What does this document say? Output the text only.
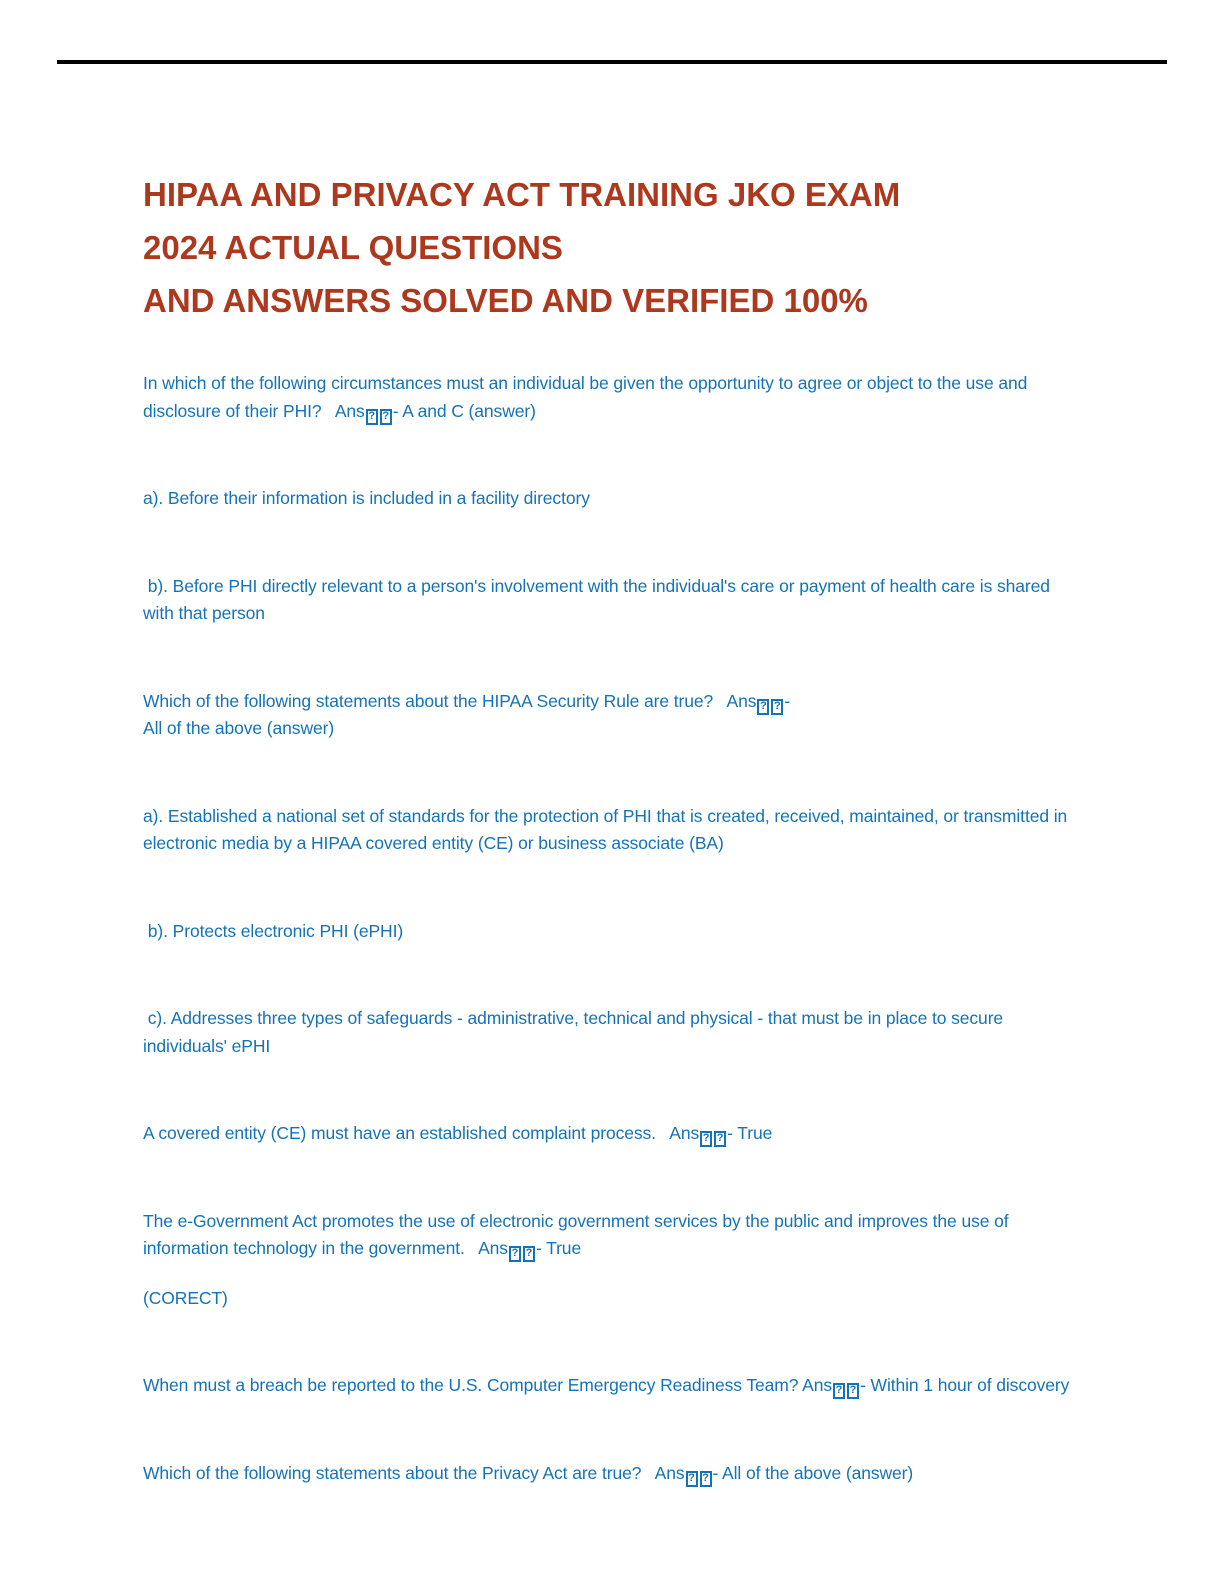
HIPAA AND PRIVACY ACT TRAINING JKO EXAM
2024 ACTUAL QUESTIONS
AND ANSWERS SOLVED AND VERIFIED 100%

In which of the following circumstances must an individual be given the opportunity to agree or object to the use and disclosure of their PHI?   Ans ? ? - A and C (answer)

a). Before their information is included in a facility directory

b). Before PHI directly relevant to a person's involvement with the individual's care or payment of health care is shared with that person

Which of the following statements about the HIPAA Security Rule are true?   Ans ? ? -
All of the above (answer)

a). Established a national set of standards for the protection of PHI that is created, received, maintained, or transmitted in electronic media by a HIPAA covered entity (CE) or business associate (BA)

b). Protects electronic PHI (ePHI)

c). Addresses three types of safeguards - administrative, technical and physical - that must be in place to secure individuals' ePHI

A covered entity (CE) must have an established complaint process.   Ans ? ? - True

The e-Government Act promotes the use of electronic government services by the public and improves the use of information technology in the government.   Ans ? ? - True

(CORECT)

When must a breach be reported to the U.S. Computer Emergency Readiness Team? Ans ? ? - Within 1 hour of discovery

Which of the following statements about the Privacy Act are true?   Ans ? ? - All of the above (answer)
